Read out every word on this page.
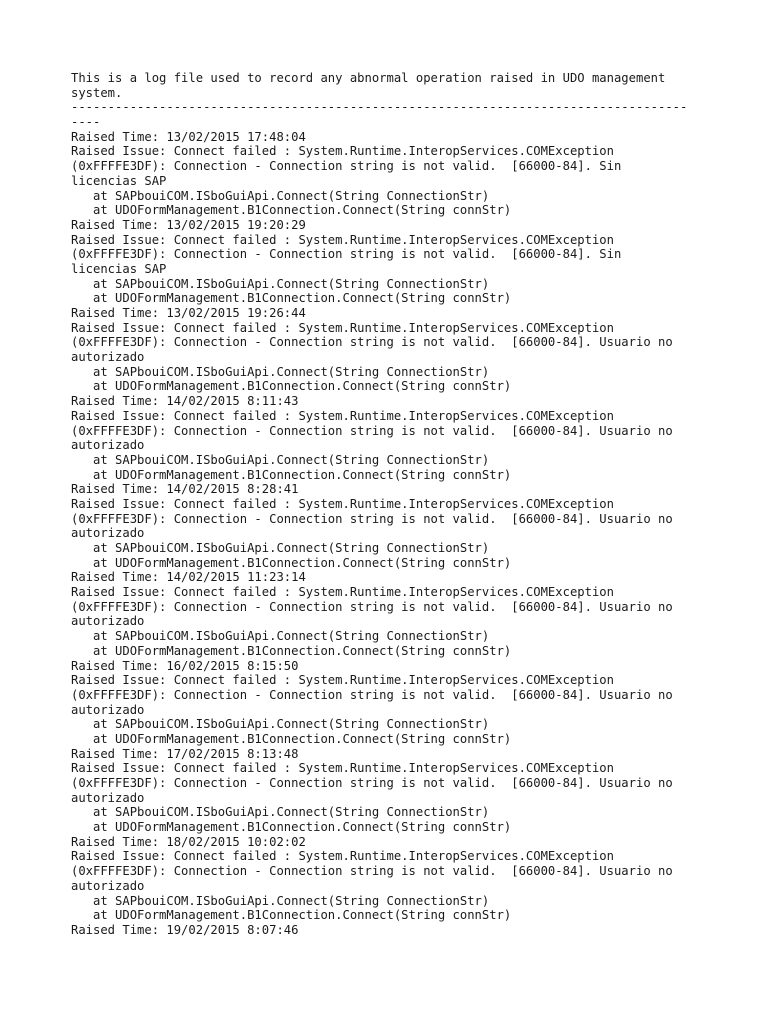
This is a log file used to record any abnormal operation raised in UDO management
system.
------------------------------------------------------------------------------------
----
Raised Time: 13/02/2015 17:48:04
Raised Issue: Connect failed : System.Runtime.InteropServices.COMException
(0xFFFFE3DF): Connection - Connection string is not valid.  [66000-84]. Sin
licencias SAP
at SAPbouiCOM.ISboGuiApi.Connect(String ConnectionStr)
at UDOFormManagement.B1Connection.Connect(String connStr)
Raised Time: 13/02/2015 19:20:29
Raised Issue: Connect failed : System.Runtime.InteropServices.COMException
(0xFFFFE3DF): Connection - Connection string is not valid.  [66000-84]. Sin
licencias SAP
at SAPbouiCOM.ISboGuiApi.Connect(String ConnectionStr)
at UDOFormManagement.B1Connection.Connect(String connStr)
Raised Time: 13/02/2015 19:26:44
Raised Issue: Connect failed : System.Runtime.InteropServices.COMException
(0xFFFFE3DF): Connection - Connection string is not valid.  [66000-84]. Usuario no
autorizado
at SAPbouiCOM.ISboGuiApi.Connect(String ConnectionStr)
at UDOFormManagement.B1Connection.Connect(String connStr)
Raised Time: 14/02/2015 8:11:43
Raised Issue: Connect failed : System.Runtime.InteropServices.COMException
(0xFFFFE3DF): Connection - Connection string is not valid.  [66000-84]. Usuario no
autorizado
at SAPbouiCOM.ISboGuiApi.Connect(String ConnectionStr)
at UDOFormManagement.B1Connection.Connect(String connStr)
Raised Time: 14/02/2015 8:28:41
Raised Issue: Connect failed : System.Runtime.InteropServices.COMException
(0xFFFFE3DF): Connection - Connection string is not valid.  [66000-84]. Usuario no
autorizado
at SAPbouiCOM.ISboGuiApi.Connect(String ConnectionStr)
at UDOFormManagement.B1Connection.Connect(String connStr)
Raised Time: 14/02/2015 11:23:14
Raised Issue: Connect failed : System.Runtime.InteropServices.COMException
(0xFFFFE3DF): Connection - Connection string is not valid.  [66000-84]. Usuario no
autorizado
at SAPbouiCOM.ISboGuiApi.Connect(String ConnectionStr)
at UDOFormManagement.B1Connection.Connect(String connStr)
Raised Time: 16/02/2015 8:15:50
Raised Issue: Connect failed : System.Runtime.InteropServices.COMException
(0xFFFFE3DF): Connection - Connection string is not valid.  [66000-84]. Usuario no
autorizado
at SAPbouiCOM.ISboGuiApi.Connect(String ConnectionStr)
at UDOFormManagement.B1Connection.Connect(String connStr)
Raised Time: 17/02/2015 8:13:48
Raised Issue: Connect failed : System.Runtime.InteropServices.COMException
(0xFFFFE3DF): Connection - Connection string is not valid.  [66000-84]. Usuario no
autorizado
at SAPbouiCOM.ISboGuiApi.Connect(String ConnectionStr)
at UDOFormManagement.B1Connection.Connect(String connStr)
Raised Time: 18/02/2015 10:02:02
Raised Issue: Connect failed : System.Runtime.InteropServices.COMException
(0xFFFFE3DF): Connection - Connection string is not valid.  [66000-84]. Usuario no
autorizado
at SAPbouiCOM.ISboGuiApi.Connect(String ConnectionStr)
at UDOFormManagement.B1Connection.Connect(String connStr)
Raised Time: 19/02/2015 8:07:46
